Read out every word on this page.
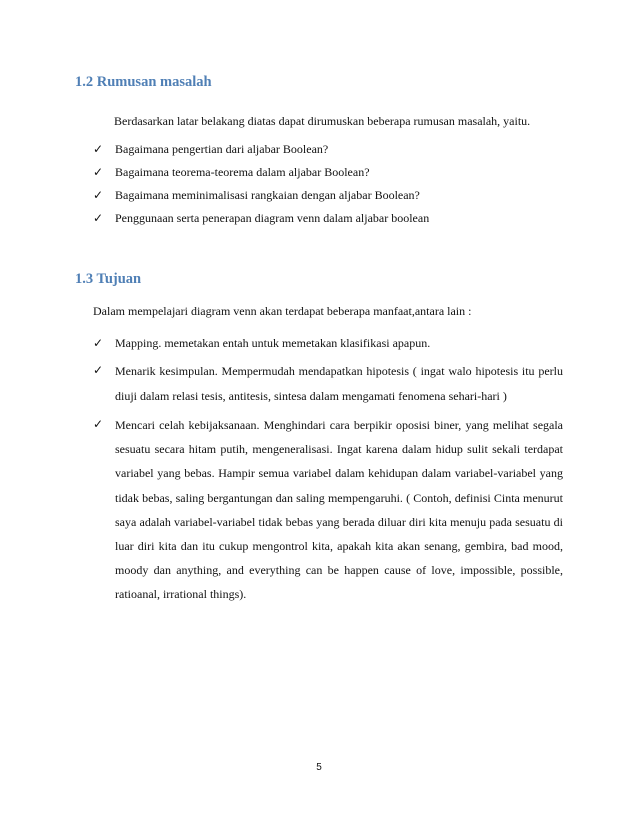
1.2 Rumusan masalah
Berdasarkan latar belakang diatas dapat dirumuskan beberapa rumusan masalah, yaitu.
✓ Bagaimana pengertian dari aljabar Boolean?
✓ Bagaimana teorema-teorema dalam aljabar Boolean?
✓ Bagaimana meminimalisasi rangkaian dengan aljabar Boolean?
✓ Penggunaan serta penerapan diagram venn dalam aljabar boolean
1.3 Tujuan
Dalam mempelajari diagram venn akan terdapat beberapa manfaat,antara lain :
✓ Mapping. memetakan entah untuk memetakan klasifikasi apapun.
✓ Menarik kesimpulan. Mempermudah mendapatkan hipotesis ( ingat walo hipotesis itu perlu diuji dalam relasi tesis, antitesis, sintesa dalam mengamati fenomena sehari-hari )
✓ Mencari celah kebijaksanaan. Menghindari cara berpikir oposisi biner, yang melihat segala sesuatu secara hitam putih, mengeneralisasi. Ingat karena dalam hidup sulit sekali terdapat variabel yang bebas. Hampir semua variabel dalam kehidupan dalam variabel-variabel yang tidak bebas, saling bergantungan dan saling mempengaruhi. ( Contoh, definisi Cinta menurut saya adalah variabel-variabel tidak bebas yang berada diluar diri kita menuju pada sesuatu di luar diri kita dan itu cukup mengontrol kita, apakah kita akan senang, gembira, bad mood, moody dan anything, and everything can be happen cause of love, impossible, possible, ratioanal, irrational things).
5
